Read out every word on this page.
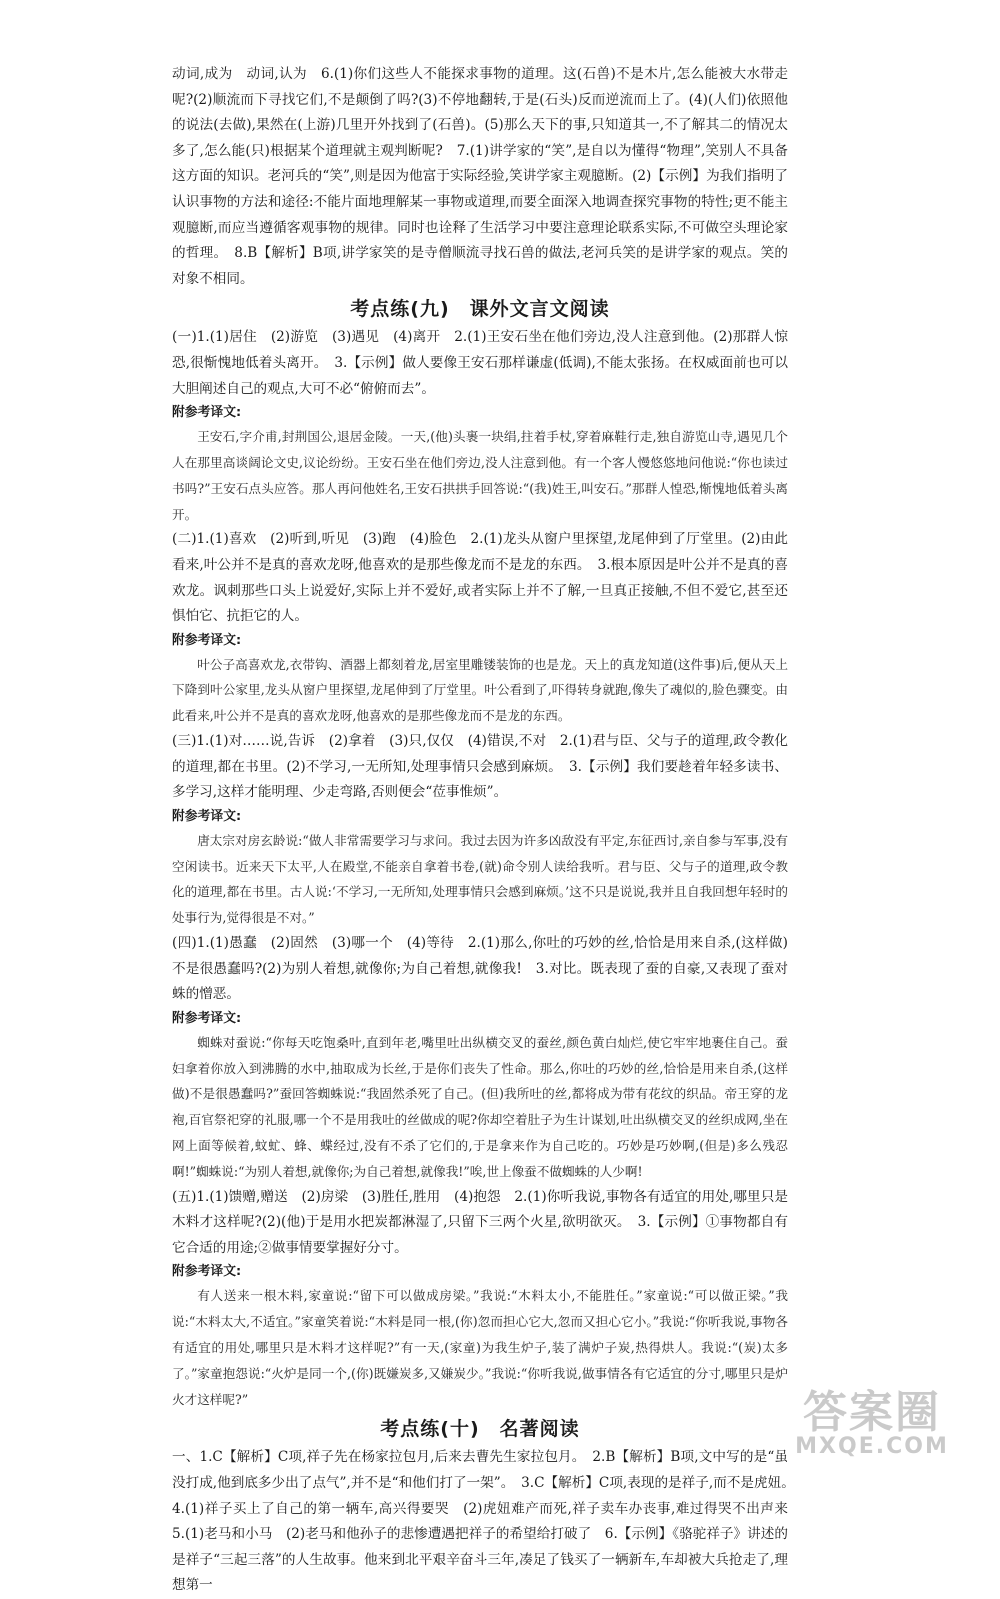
动词,成为　动词,认为　6.(1)你们这些人不能探求事物的道理。这(石兽)不是木片,怎么能被大水带走呢?(2)顺流而下寻找它们,不是颠倒了吗?(3)不停地翻转,于是(石头)反而逆流而上了。(4)(人们)依照他的说法(去做),果然在(上游)几里开外找到了(石兽)。(5)那么天下的事,只知道其一,不了解其二的情况太多了,怎么能(只)根据某个道理就主观判断呢?　7.(1)讲学家的“笑”,是自以为懂得“物理”,笑别人不具备这方面的知识。老河兵的“笑”,则是因为他富于实际经验,笑讲学家主观臆断。(2)【示例】为我们指明了认识事物的方法和途径:不能片面地理解某一事物或道理,而要全面深入地调查探究事物的特性;更不能主观臆断,而应当遵循客观事物的规律。同时也诠释了生活学习中要注意理论联系实际,不可做空头理论家的哲理。　8.B【解析】B项,讲学家笑的是寺僧顺流寻找石兽的做法,老河兵笑的是讲学家的观点。笑的对象不相同。

考点练(九) 课外文言文阅读

(一)1.(1)居住　(2)游览　(3)遇见　(4)离开　2.(1)王安石坐在他们旁边,没人注意到他。(2)那群人惊恐,很惭愧地低着头离开。　3.【示例】做人要像王安石那样谦虚(低调),不能太张扬。在权威面前也可以大胆阐述自己的观点,大可不必“俯俯而去”。

附参考译文:

王安石,字介甫,封荆国公,退居金陵。一天,(他)头裹一块绢,拄着手杖,穿着麻鞋行走,独自游览山寺,遇见几个人在那里高谈阔论文史,议论纷纷。王安石坐在他们旁边,没人注意到他。有一个客人慢悠悠地问他说:“你也读过书吗?”王安石点头应答。那人再问他姓名,王安石拱拱手回答说:“(我)姓王,叫安石。”那群人惶恐,惭愧地低着头离开。

(二)1.(1)喜欢　(2)听到,听见　(3)跑　(4)脸色　2.(1)龙头从窗户里探望,龙尾伸到了厅堂里。(2)由此看来,叶公并不是真的喜欢龙呀,他喜欢的是那些像龙而不是龙的东西。　3.根本原因是叶公并不是真的喜欢龙。讽刺那些口头上说爱好,实际上并不爱好,或者实际上并不了解,一旦真正接触,不但不爱它,甚至还惧怕它、抗拒它的人。

附参考译文:

叶公子高喜欢龙,衣带钩、酒器上都刻着龙,居室里雕镂装饰的也是龙。天上的真龙知道(这件事)后,便从天上下降到叶公家里,龙头从窗户里探望,龙尾伸到了厅堂里。叶公看到了,吓得转身就跑,像失了魂似的,脸色骤变。由此看来,叶公并不是真的喜欢龙呀,他喜欢的是那些像龙而不是龙的东西。

(三)1.(1)对……说,告诉　(2)拿着　(3)只,仅仅　(4)错误,不对　2.(1)君与臣、父与子的道理,政令教化的道理,都在书里。(2)不学习,一无所知,处理事情只会感到麻烦。　3.【示例】我们要趁着年轻多读书、多学习,这样才能明理、少走弯路,否则便会“莅事惟烦”。

附参考译文:

唐太宗对房玄龄说:“做人非常需要学习与求问。我过去因为许多凶敌没有平定,东征西讨,亲自参与军事,没有空闲读书。近来天下太平,人在殿堂,不能亲自拿着书卷,(就)命令别人读给我听。君与臣、父与子的道理,政令教化的道理,都在书里。古人说:‘不学习,一无所知,处理事情只会感到麻烦。’这不只是说说,我并且自我回想年轻时的处事行为,觉得很是不对。”

(四)1.(1)愚蠢　(2)固然　(3)哪一个　(4)等待　2.(1)那么,你吐的巧妙的丝,恰恰是用来自杀,(这样做)不是很愚蠢吗?(2)为别人着想,就像你;为自己着想,就像我!　3.对比。既表现了蚕的自豪,又表现了蚕对蛛的憎恶。

附参考译文:

蜘蛛对蚕说:“你每天吃饱桑叶,直到年老,嘴里吐出纵横交叉的蚕丝,颜色黄白灿烂,使它牢牢地裹住自己。蚕妇拿着你放入到沸腾的水中,抽取成为长丝,于是你们丧失了性命。那么,你吐的巧妙的丝,恰恰是用来自杀,(这样做)不是很愚蠢吗?”蚕回答蜘蛛说:“我固然杀死了自己。(但)我所吐的丝,都将成为带有花纹的织品。帝王穿的龙袍,百官祭祀穿的礼服,哪一个不是用我吐的丝做成的呢?你却空着肚子为生计谋划,吐出纵横交叉的丝织成网,坐在网上面等候着,蚊虻、蜂、蝶经过,没有不杀了它们的,于是拿来作为自己吃的。巧妙是巧妙啊,(但是)多么残忍啊!”蜘蛛说:“为别人着想,就像你;为自己着想,就像我!”唉,世上像蚕不做蜘蛛的人少啊!

(五)1.(1)馈赠,赠送　(2)房梁　(3)胜任,胜用　(4)抱怨　2.(1)你听我说,事物各有适宜的用处,哪里只是木料才这样呢?(2)(他)于是用水把炭都淋湿了,只留下三两个火星,欲明欲灭。　3.【示例】①事物都自有它合适的用途;②做事情要掌握好分寸。

附参考译文:

有人送来一根木料,家童说:“留下可以做成房梁。”我说:“木料太小,不能胜任。”家童说:“可以做正梁。”我说:“木料太大,不适宜。”家童笑着说:“木料是同一根,(你)忽而担心它大,忽而又担心它小。”我说:“你听我说,事物各有适宜的用处,哪里只是木料才这样呢?”有一天,(家童)为我生炉子,装了满炉子炭,热得烘人。我说:“(炭)太多了。”家童抱怨说:“火炉是同一个,(你)既嫌炭多,又嫌炭少。”我说:“你听我说,做事情各有它适宜的分寸,哪里只是炉火才这样呢?”

考点练(十) 名著阅读

一、1.C【解析】C项,祥子先在杨家拉包月,后来去曹先生家拉包月。　2.B【解析】B项,文中写的是“虽没打成,他到底多少出了点气”,并不是“和他们打了一架”。　3.C【解析】C项,表现的是祥子,而不是虎妞。　4.(1)祥子买上了自己的第一辆车,高兴得要哭　(2)虎妞难产而死,祥子卖车办丧事,难过得哭不出声来　5.(1)老马和小马　(2)老马和他孙子的悲惨遭遇把祥子的希望给打破了　6.【示例】《骆驼祥子》讲述的是祥子“三起三落”的人生故事。他来到北平艰辛奋斗三年,凑足了钱买了一辆新车,车却被大兵抢走了,理想第一

答案圈
MXQE.COM
